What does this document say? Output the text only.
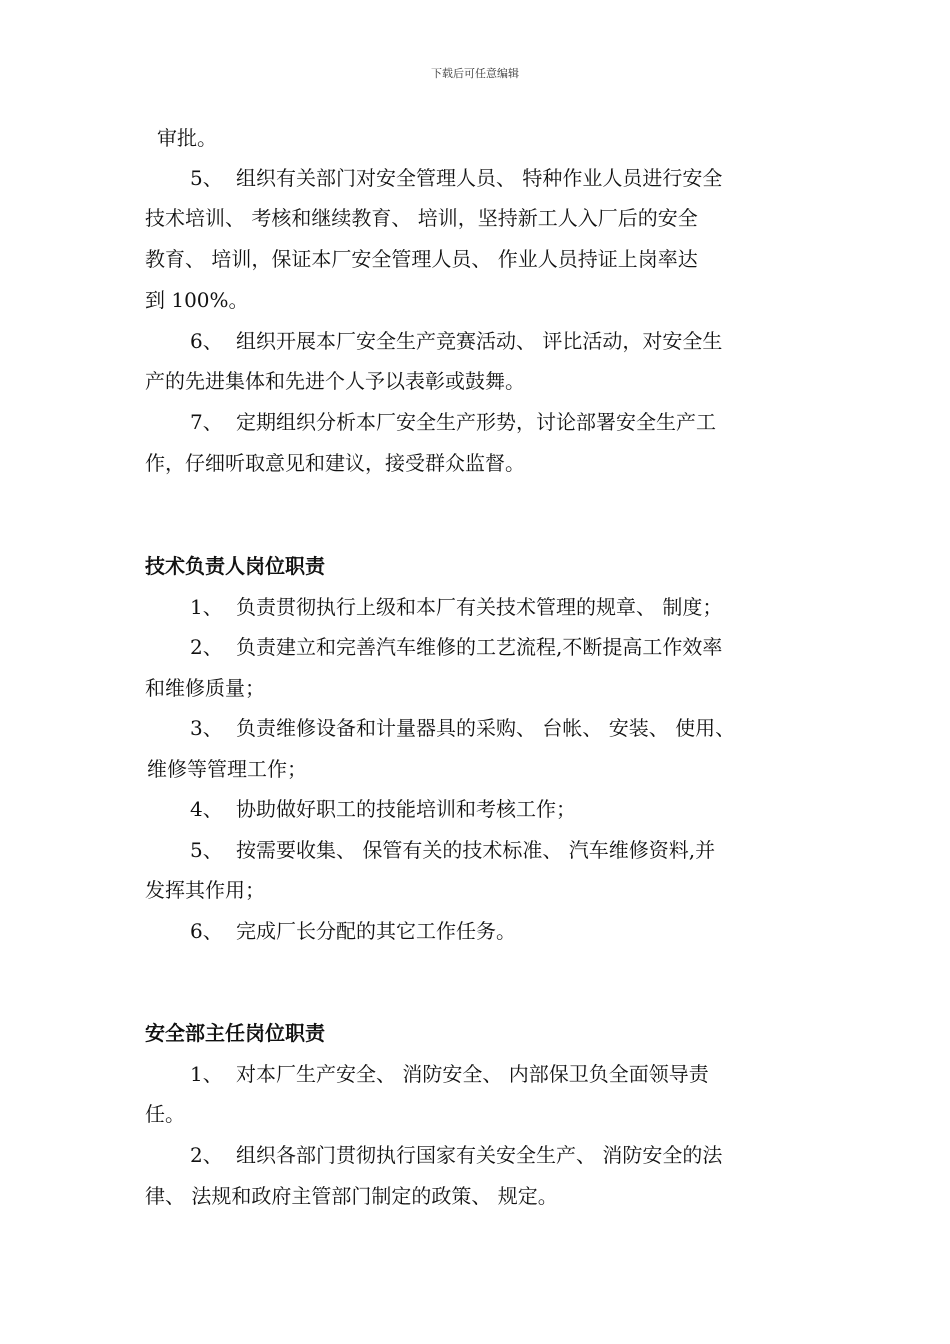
下载后可任意编辑
审批。
5、 组织有关部门对安全管理人员、 特种作业人员进行安全
技术培训、 考核和继续教育、 培训，坚持新工人入厂后的安全
教育、 培训，保证本厂安全管理人员、 作业人员持证上岗率达
到 100%。
6、 组织开展本厂安全生产竞赛活动、 评比活动，对安全生
产的先进集体和先进个人予以表彰或鼓舞。
7、 定期组织分析本厂安全生产形势，讨论部署安全生产工
作，仔细听取意见和建议，接受群众监督。
技术负责人岗位职责
1、 负责贯彻执行上级和本厂有关技术管理的规章、 制度；
2、 负责建立和完善汽车维修的工艺流程,不断提高工作效率
和维修质量；
3、 负责维修设备和计量器具的采购、 台帐、 安装、 使用、
维修等管理工作；
4、 协助做好职工的技能培训和考核工作；
5、 按需要收集、 保管有关的技术标准、 汽车维修资料,并
发挥其作用；
6、 完成厂长分配的其它工作任务。
安全部主任岗位职责
1、 对本厂生产安全、 消防安全、 内部保卫负全面领导责
任。
2、 组织各部门贯彻执行国家有关安全生产、 消防安全的法
律、 法规和政府主管部门制定的政策、 规定。
